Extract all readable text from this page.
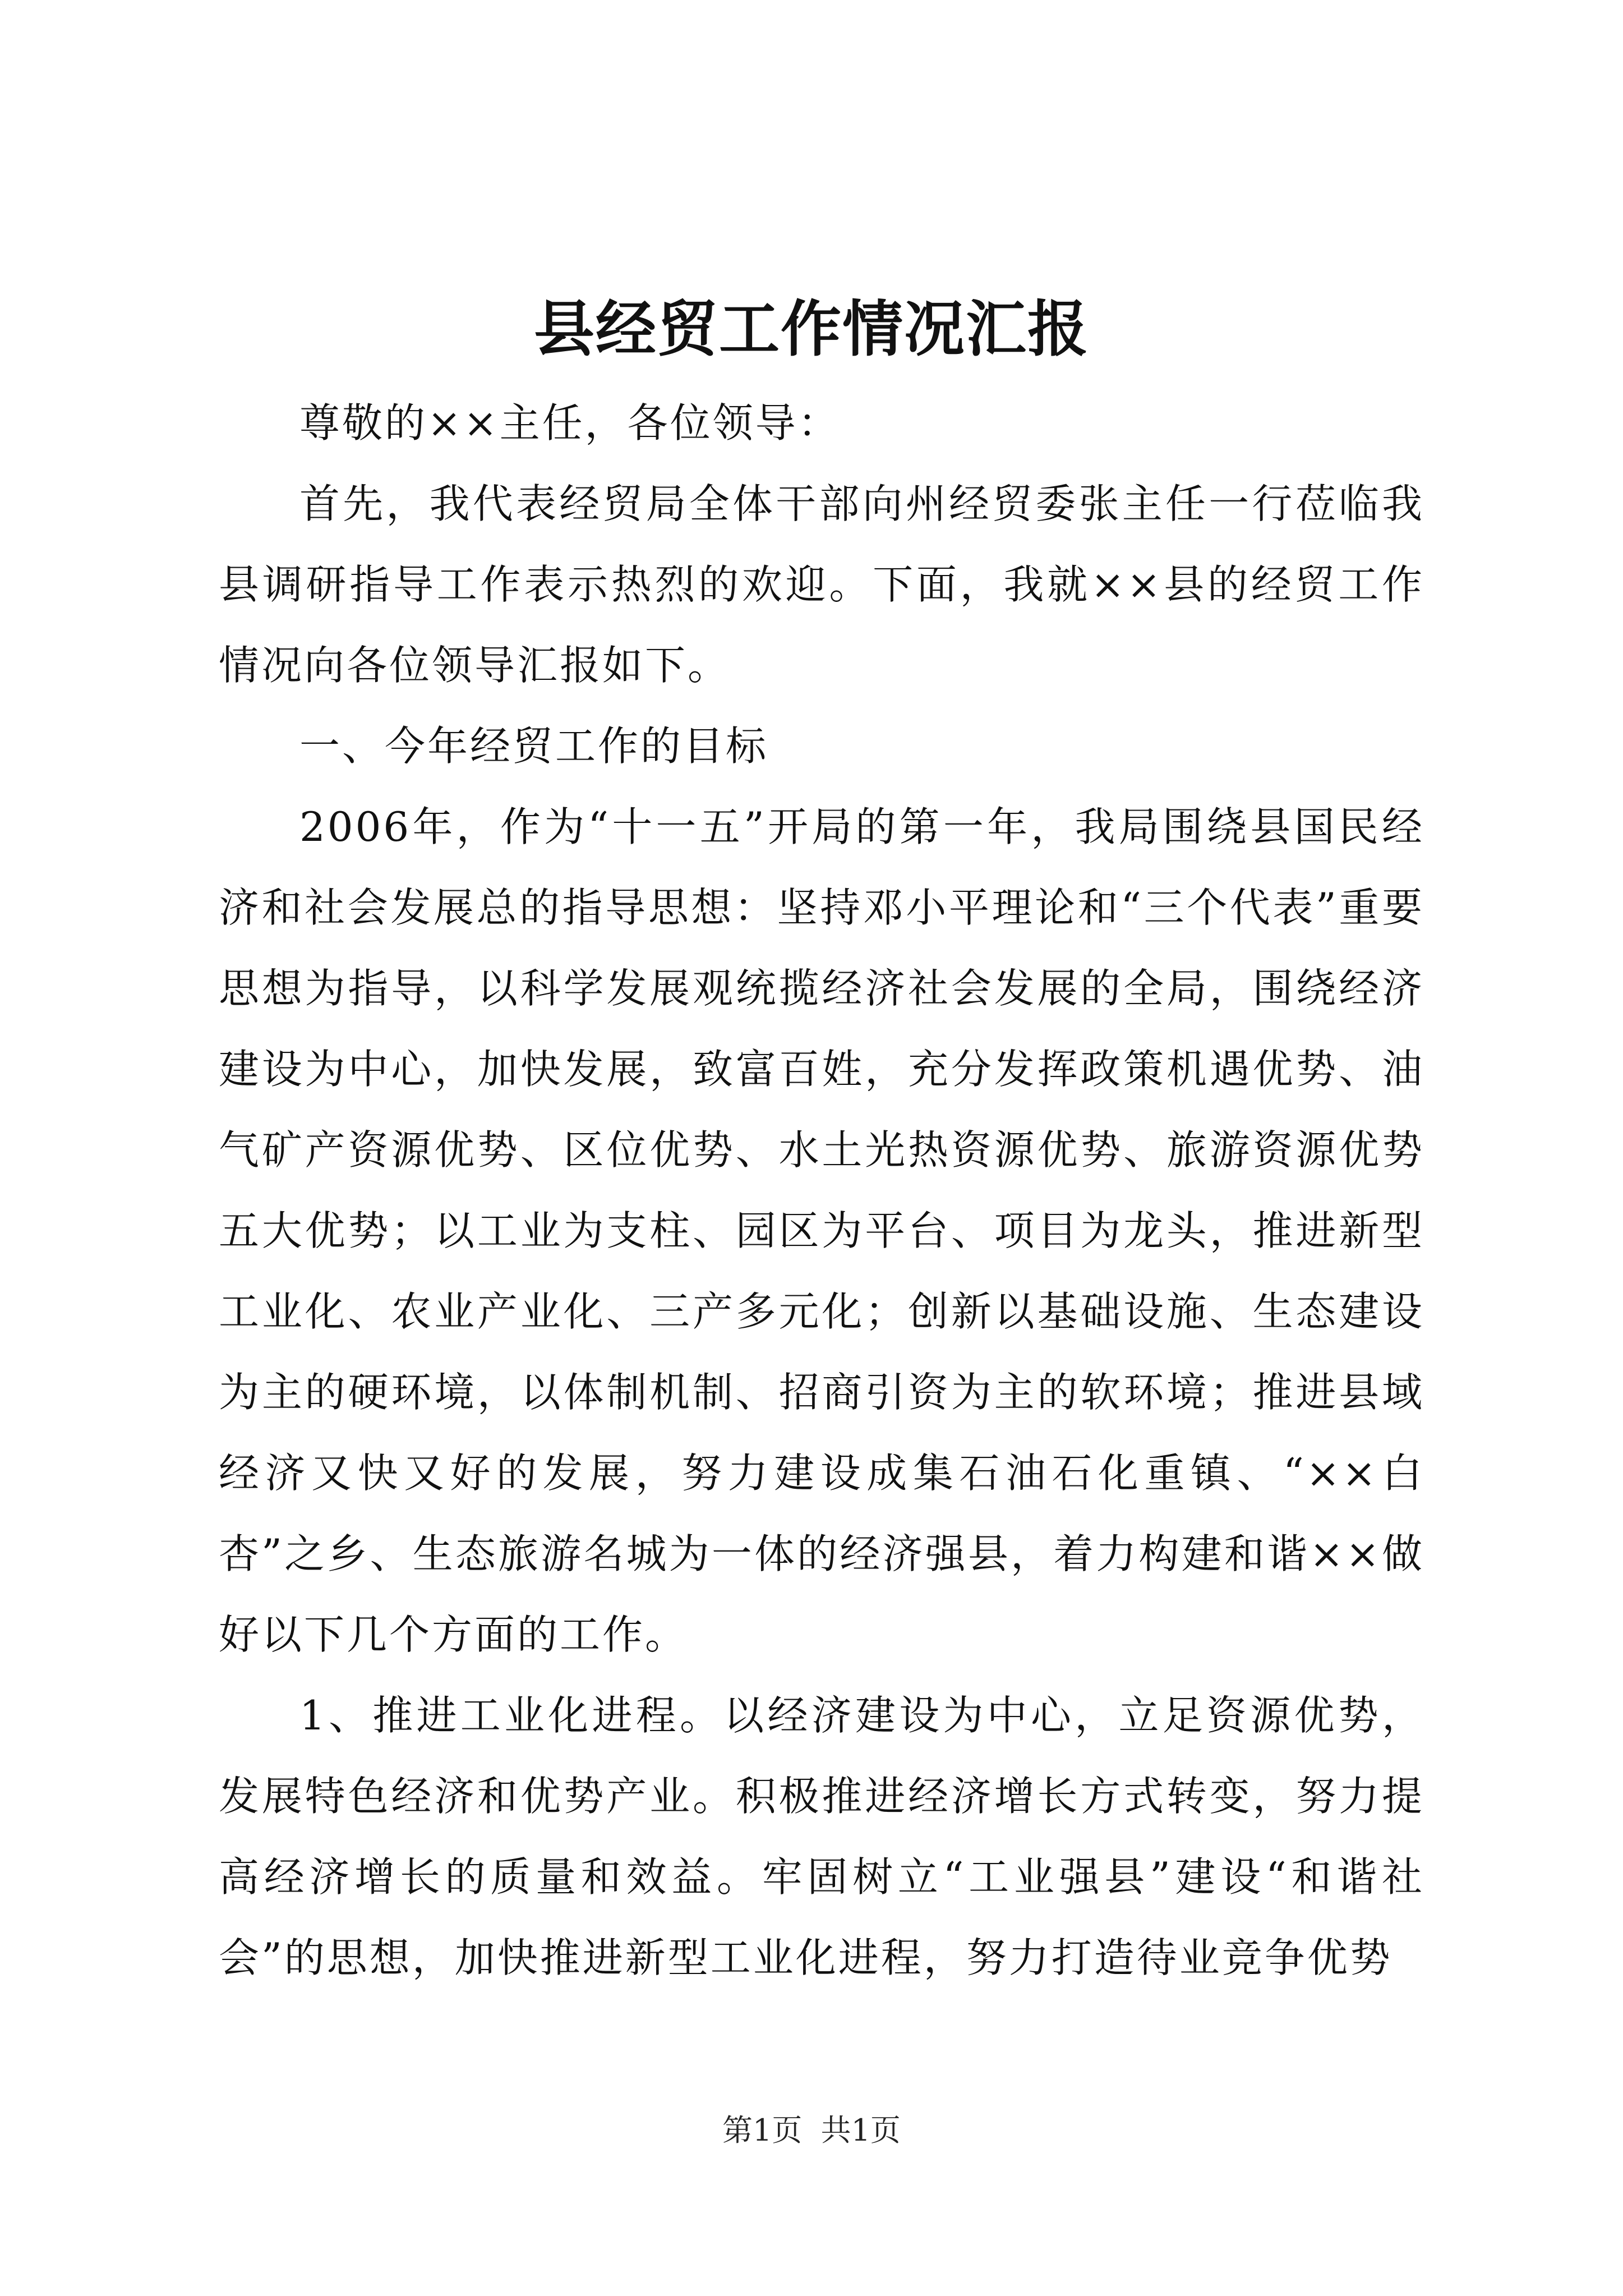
县经贸工作情况汇报

尊敬的××主任，各位领导：

首先，我代表经贸局全体干部向州经贸委张主任一行莅临我县调研指导工作表示热烈的欢迎。下面，我就××县的经贸工作情况向各位领导汇报如下。

一、今年经贸工作的目标

2006年，作为“十一五”开局的第一年，我局围绕县国民经济和社会发展总的指导思想：坚持邓小平理论和“三个代表”重要思想为指导，以科学发展观统揽经济社会发展的全局，围绕经济建设为中心，加快发展，致富百姓，充分发挥政策机遇优势、油气矿产资源优势、区位优势、水土光热资源优势、旅游资源优势五大优势；以工业为支柱、园区为平台、项目为龙头，推进新型工业化、农业产业化、三产多元化；创新以基础设施、生态建设为主的硬环境，以体制机制、招商引资为主的软环境；推进县域经济又快又好的发展，努力建设成集石油石化重镇、“××白杏”之乡、生态旅游名城为一体的经济强县，着力构建和谐××做好以下几个方面的工作。

1、推进工业化进程。以经济建设为中心，立足资源优势，发展特色经济和优势产业。积极推进经济增长方式转变，努力提高经济增长的质量和效益。牢固树立“工业强县”建设“和谐社会”的思想，加快推进新型工业化进程，努力打造待业竞争优势

第1页 共1页
